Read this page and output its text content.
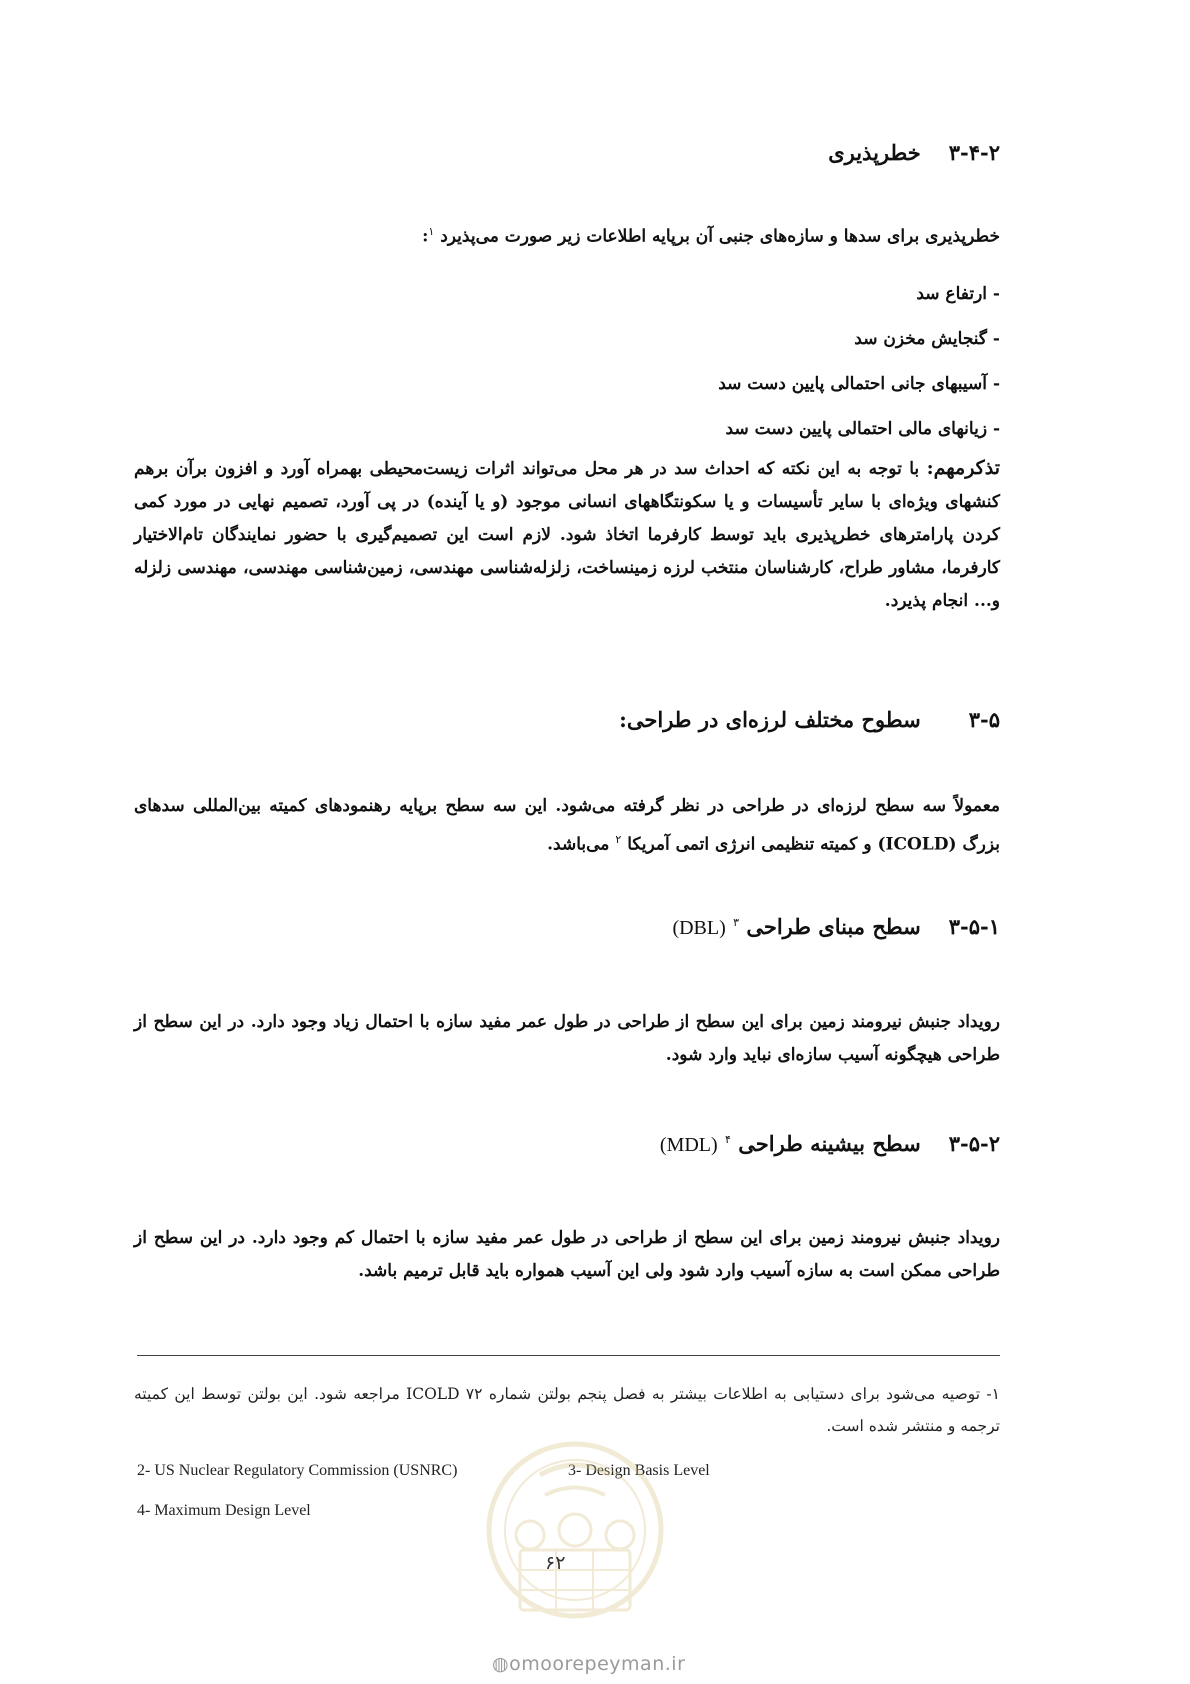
۳-۴-۲خطرپذیری
خطرپذیری برای سدها و سازه‌های جنبی آن برپایه اطلاعات زیر صورت می‌پذیرد $^۱$:
- ارتفاع سد
- گنجایش مخزن سد
- آسیبهای جانی احتمالی پایین دست سد
- زیانهای مالی احتمالی پایین دست سد
تذکرمهم: با توجه به این نکته که احداث سد در هر محل می‌تواند اثرات زیست‌محیطی بهمراه آورد و افزون برآن برهم کنشهای ویژه‌ای با سایر تأسیسات و یا سکونتگاههای انسانی موجود (و یا آینده) در پی آورد، تصمیم نهایی در مورد کمی کردن پارامترهای خطرپذیری باید توسط کارفرما اتخاذ شود. لازم است این تصمیم‌گیری با حضور نمایندگان تام‌الاختیار کارفرما، مشاور طراح، کارشناسان منتخب لرزه زمینساخت، زلزله‌شناسی مهندسی، زمین‌شناسی مهندسی، مهندسی زلزله و... انجام پذیرد.
۳-۵سطوح مختلف لرزه‌ای در طراحی:
معمولاً سه سطح لرزه‌ای در طراحی در نظر گرفته می‌شود. این سه سطح برپایه رهنمودهای کمیته بین‌المللی سدهای بزرگ (ICOLD) و کمیته تنظیمی انرژی اتمی آمریکا $^۲$ می‌باشد.
۳-۵-۱سطح مبنای طراحی $^۳$ (DBL)
رویداد جنبش نیرومند زمین برای این سطح از طراحی در طول عمر مفید سازه با احتمال زیاد وجود دارد. در این سطح از طراحی هیچگونه آسیب سازه‌ای نباید وارد شود.
۳-۵-۲سطح بیشینه طراحی $^۴$ (MDL)
رویداد جنبش نیرومند زمین برای این سطح از طراحی در طول عمر مفید سازه با احتمال کم وجود دارد. در این سطح از طراحی ممکن است به سازه آسیب وارد شود ولی این آسیب همواره باید قابل ترمیم باشد.
۱- توصیه می‌شود برای دستیابی به اطلاعات بیشتر به فصل پنجم بولتن شماره ۷۲ ICOLD مراجعه شود. این بولتن توسط این کمیته ترجمه و منتشر شده است.
2- US Nuclear Regulatory Commission (USNRC)	3- Design Basis Level
4- Maximum Design Level
۶۲
◍omoorepeyman.ir
